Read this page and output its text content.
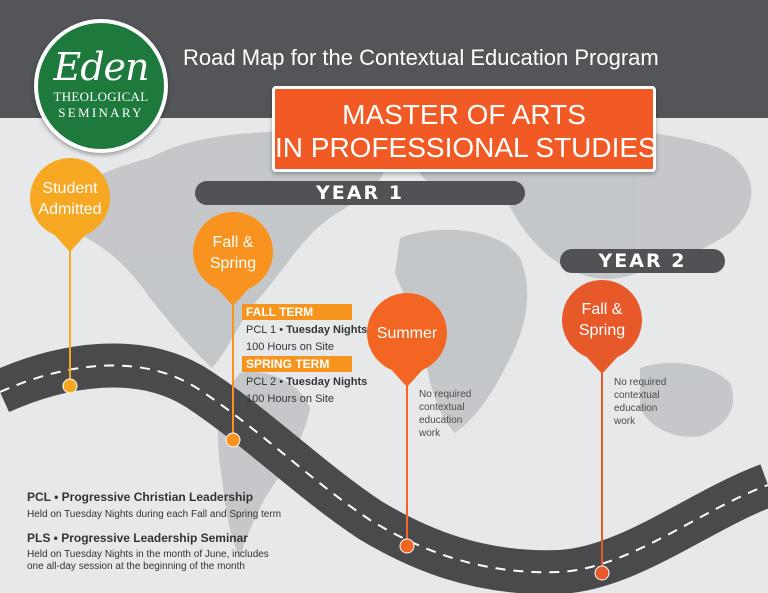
Eden
THEOLOGICAL
SEMINARY
Road Map for the Contextual Education Program
MASTER OF ARTS
IN PROFESSIONAL STUDIES
YEAR 1
YEAR 2
Student
Admitted
Fall &
Spring
Summer
Fall &
Spring
FALL TERM
PCL 1 • Tuesday Nights
100 Hours on Site
SPRING TERM
PCL 2 • Tuesday Nights
100 Hours on Site	No required
contextual
education
work
No required
contextual
education
work
PCL • Progressive Christian Leadership
Held on Tuesday Nights during each Fall and Spring term
PLS • Progressive Leadership Seminar
Held on Tuesday Nights in the month of June, includes
one all-day session at the beginning of the month
